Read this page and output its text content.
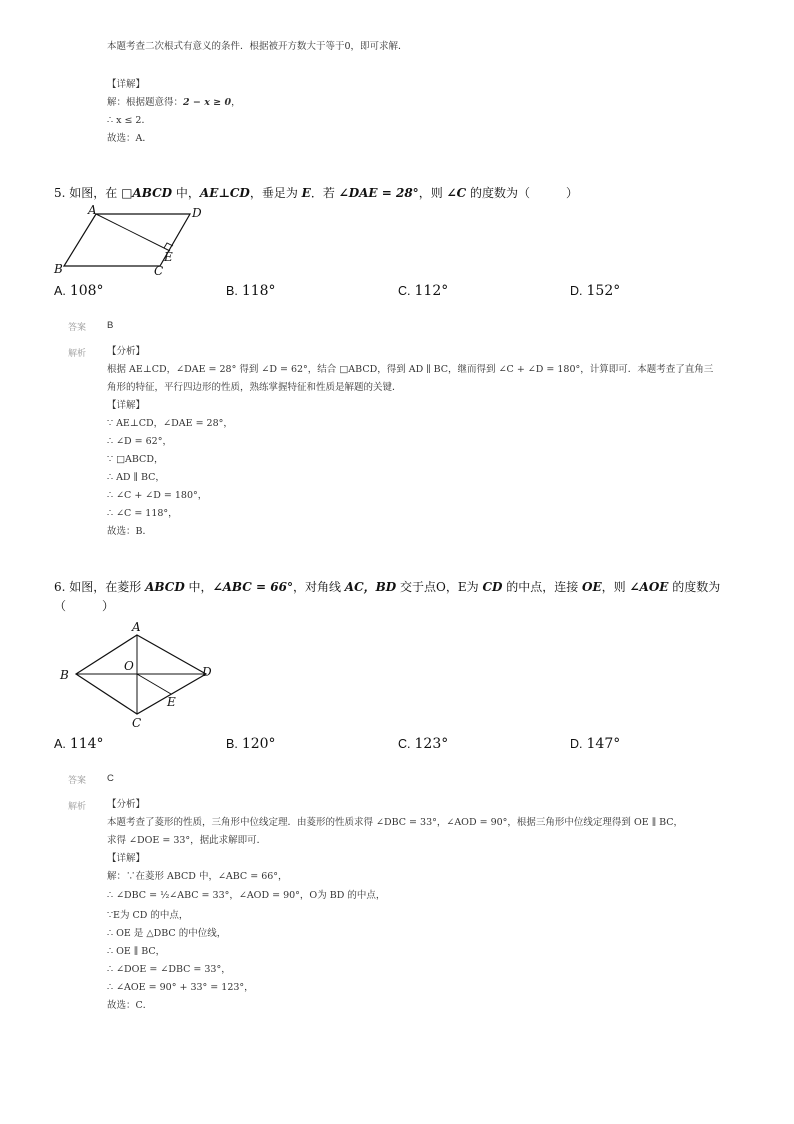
本题考查二次根式有意义的条件．根据被开方数大于等于0，即可求解．
【详解】
解：根据题意得：2 − x ≥ 0，
∴ x ≤ 2．
故选：A．
5. 如图，在 □ABCD 中，AE⊥CD，垂足为 E．若 ∠DAE = 28°，则 ∠C 的度数为（　　　）
A	D
B	C
E
A. 108°	B. 118°	C. 112°	D. 152°
答案 B
解析 【分析】
根据 AE⊥CD，∠DAE = 28° 得到 ∠D = 62°，结合 □ABCD，得到 AD ∥ BC，继而得到 ∠C + ∠D = 180°，计算即可．本题考查了直角三
角形的特征，平行四边形的性质，熟练掌握特征和性质是解题的关键．
【详解】
∵ AE⊥CD，∠DAE = 28°，
∴ ∠D = 62°，
∵ □ABCD，
∴ AD ∥ BC，
∴ ∠C + ∠D = 180°，
∴ ∠C = 118°，
故选：B．
6. 如图，在菱形 ABCD 中，∠ABC = 66°，对角线 AC，BD 交于点O，E为 CD 的中点，连接 OE，则 ∠AOE 的度数为
（　　　）
A
B
C
D
O
E
A. 114°	B. 120°	C. 123°	D. 147°
答案 C
解析 【分析】
本题考查了菱形的性质，三角形中位线定理．由菱形的性质求得 ∠DBC = 33°，∠AOD = 90°，根据三角形中位线定理得到 OE ∥ BC，
求得 ∠DOE = 33°，据此求解即可．
【详解】
解：∵在菱形 ABCD 中，∠ABC = 66°，
∴ ∠DBC = ½∠ABC = 33°，∠AOD = 90°，O为 BD 的中点，
∵E为 CD 的中点，
∴ OE 是 △DBC 的中位线，
∴ OE ∥ BC，
∴ ∠DOE = ∠DBC = 33°，
∴ ∠AOE = 90° + 33° = 123°，
故选：C．
